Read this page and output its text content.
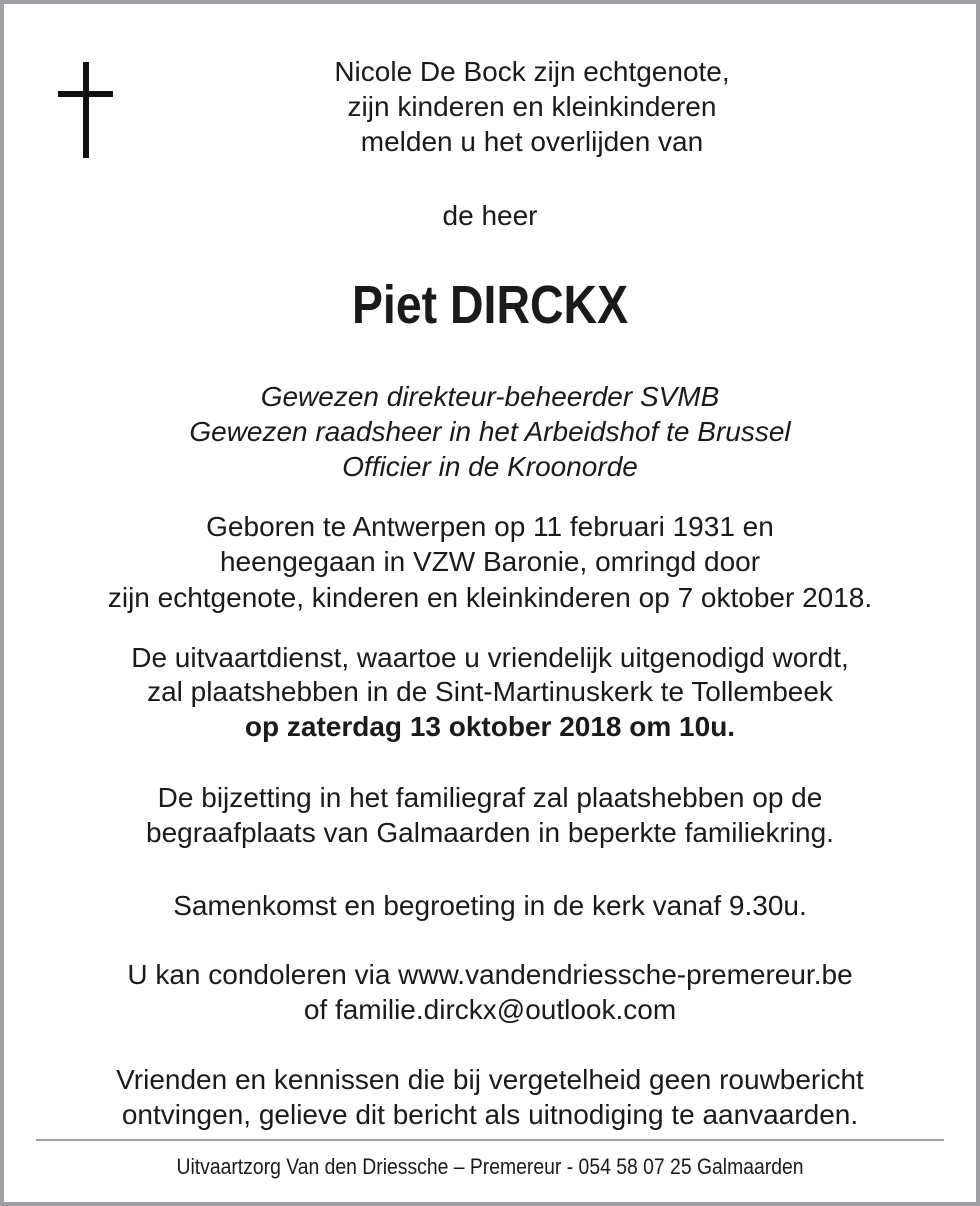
Nicole De Bock zijn echtgenote,
zijn kinderen en kleinkinderen
melden u het overlijden van
de heer
Piet DIRCKX
Gewezen direkteur-beheerder SVMB
Gewezen raadsheer in het Arbeidshof te Brussel
Officier in de Kroonorde
Geboren te Antwerpen op 11 februari 1931 en
heengegaan in VZW Baronie, omringd door
zijn echtgenote, kinderen en kleinkinderen op 7 oktober 2018.
De uitvaartdienst, waartoe u vriendelijk uitgenodigd wordt,
zal plaatshebben in de Sint-Martinuskerk te Tollembeek
op zaterdag 13 oktober 2018 om 10u.
De bijzetting in het familiegraf zal plaatshebben op de
begraafplaats van Galmaarden in beperkte familiekring.
Samenkomst en begroeting in de kerk vanaf 9.30u.
U kan condoleren via www.vandendriessche-premereur.be
of familie.dirckx@outlook.com
Vrienden en kennissen die bij vergetelheid geen rouwbericht
ontvingen, gelieve dit bericht als uitnodiging te aanvaarden.
Uitvaartzorg Van den Driessche – Premereur - 054 58 07 25 Galmaarden
